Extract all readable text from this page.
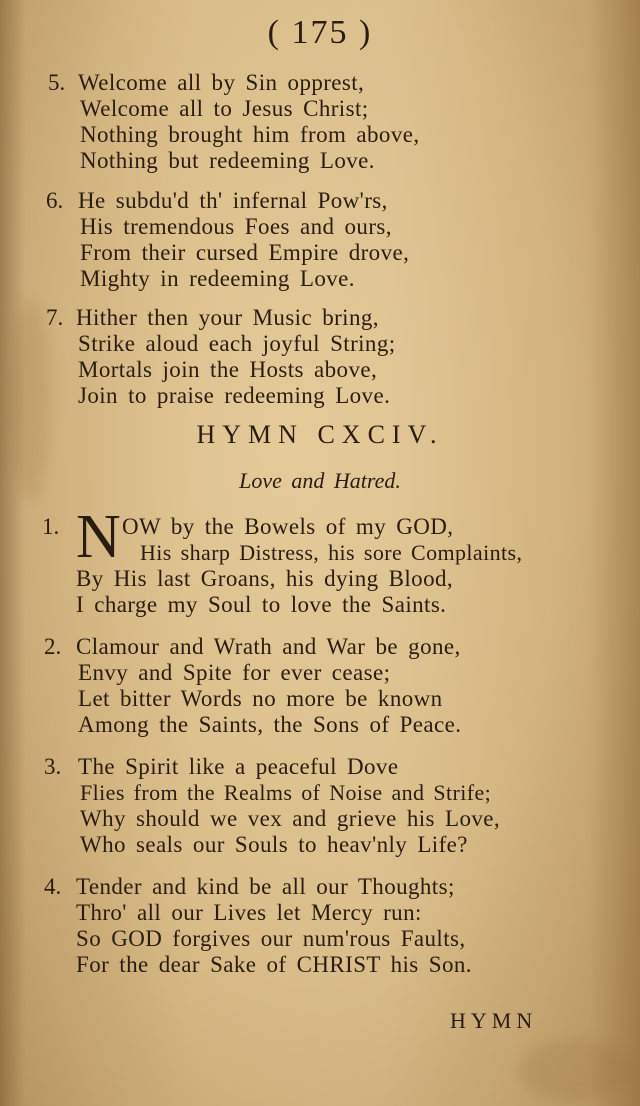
( 175 )
5. Welcome all by Sin opprest,
Welcome all to Jesus Christ;
Nothing brought him from above,
Nothing but redeeming Love.
6. He subdu'd th' infernal Pow'rs,
His tremendous Foes and ours,
From their cursed Empire drove,
Mighty in redeeming Love.
7. Hither then your Music bring,
Strike aloud each joyful String;
Mortals join the Hosts above,
Join to praise redeeming Love.
HYMN CXCIV.
Love and Hatred.
1. N OW by the Bowels of my GOD,
His sharp Distress, his sore Complaints,
By His last Groans, his dying Blood,
I charge my Soul to love the Saints.
2. Clamour and Wrath and War be gone,
Envy and Spite for ever cease;
Let bitter Words no more be known
Among the Saints, the Sons of Peace.
3. The Spirit like a peaceful Dove
Flies from the Realms of Noise and Strife;
Why should we vex and grieve his Love,
Who seals our Souls to heav'nly Life?
4. Tender and kind be all our Thoughts;
Thro' all our Lives let Mercy run:
So GOD forgives our num'rous Faults,
For the dear Sake of CHRIST his Son.
HYMN
